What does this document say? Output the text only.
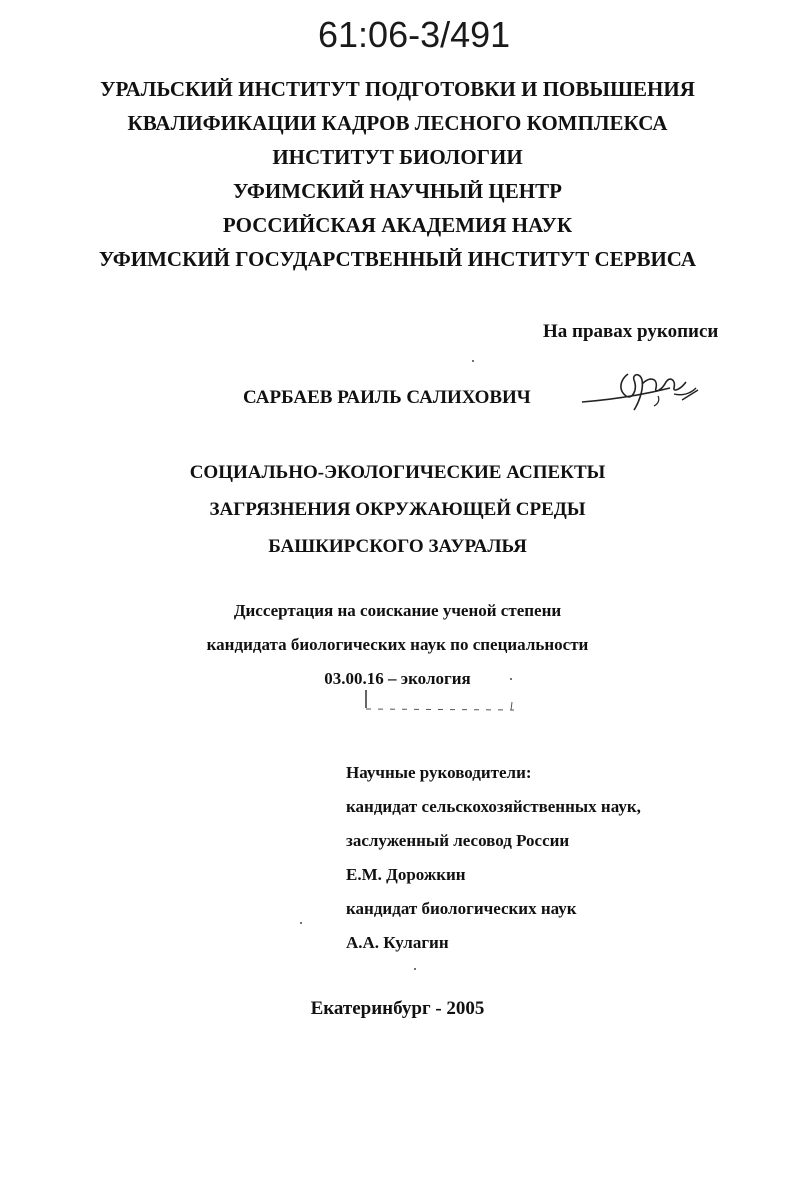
61:06-3/491
УРАЛЬСКИЙ ИНСТИТУТ ПОДГОТОВКИ И ПОВЫШЕНИЯ
КВАЛИФИКАЦИИ КАДРОВ ЛЕСНОГО КОМПЛЕКСА
ИНСТИТУТ БИОЛОГИИ
УФИМСКИЙ НАУЧНЫЙ ЦЕНТР
РОССИЙСКАЯ АКАДЕМИЯ НАУК
УФИМСКИЙ ГОСУДАРСТВЕННЫЙ ИНСТИТУТ СЕРВИСА
На правах рукописи
САРБАЕВ РАИЛЬ САЛИХОВИЧ
СОЦИАЛЬНО-ЭКОЛОГИЧЕСКИЕ АСПЕКТЫ
ЗАГРЯЗНЕНИЯ ОКРУЖАЮЩЕЙ СРЕДЫ
БАШКИРСКОГО ЗАУРАЛЬЯ
Диссертация на соискание ученой степени
кандидата биологических наук по специальности
03.00.16 – экология
Научные руководители:
кандидат сельскохозяйственных наук,
заслуженный лесовод России
Е.М. Дорожкин
кандидат биологических наук
А.А. Кулагин
Екатеринбург - 2005
